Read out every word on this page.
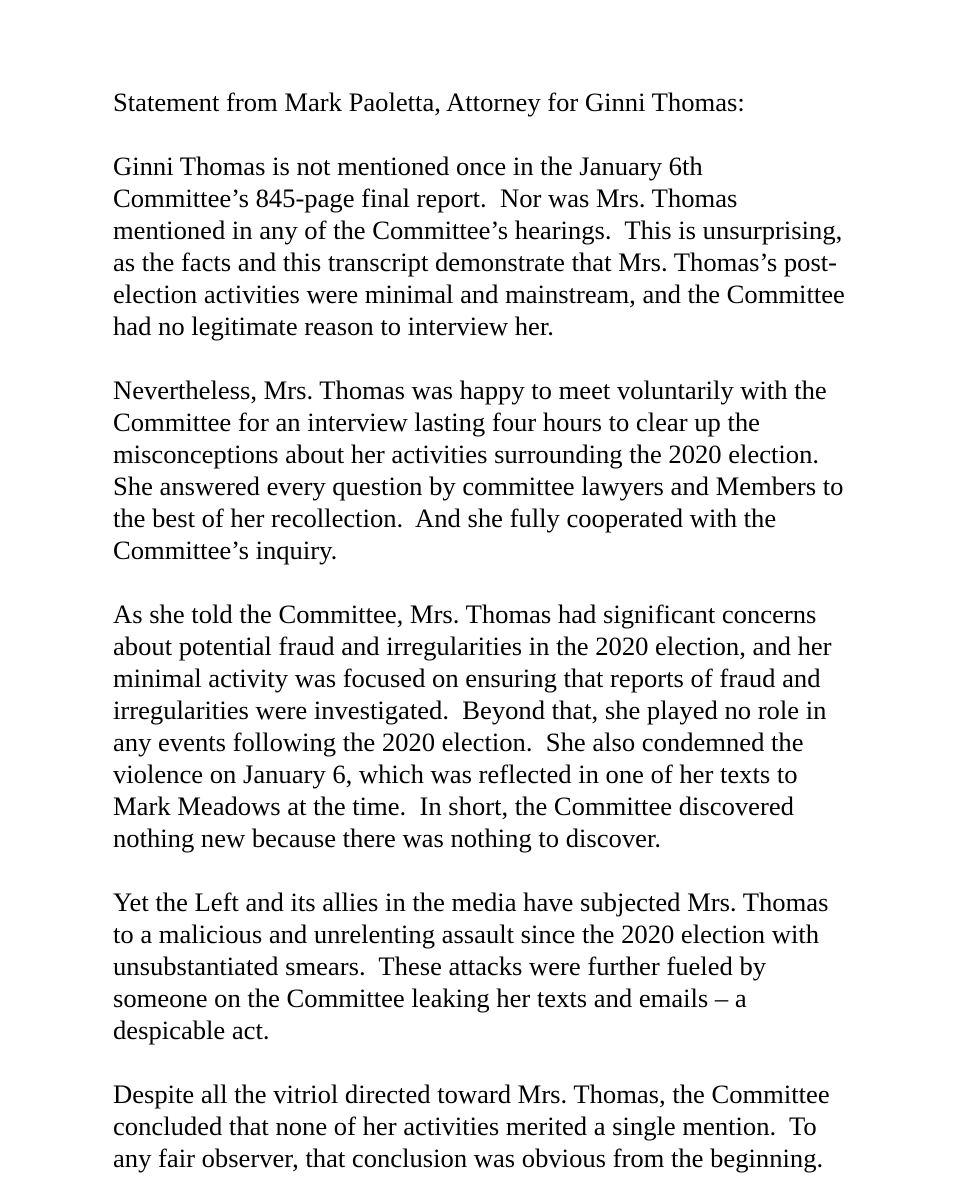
Statement from Mark Paoletta, Attorney for Ginni Thomas:

Ginni Thomas is not mentioned once in the January 6th

Committee’s 845-page final report.  Nor was Mrs. Thomas

mentioned in any of the Committee’s hearings.  This is unsurprising,

as the facts and this transcript demonstrate that Mrs. Thomas’s post-

election activities were minimal and mainstream, and the Committee

had no legitimate reason to interview her.

Nevertheless, Mrs. Thomas was happy to meet voluntarily with the

Committee for an interview lasting four hours to clear up the

misconceptions about her activities surrounding the 2020 election.

She answered every question by committee lawyers and Members to

the best of her recollection.  And she fully cooperated with the

Committee’s inquiry.

As she told the Committee, Mrs. Thomas had significant concerns

about potential fraud and irregularities in the 2020 election, and her

minimal activity was focused on ensuring that reports of fraud and

irregularities were investigated.  Beyond that, she played no role in

any events following the 2020 election.  She also condemned the

violence on January 6, which was reflected in one of her texts to

Mark Meadows at the time.  In short, the Committee discovered

nothing new because there was nothing to discover.

Yet the Left and its allies in the media have subjected Mrs. Thomas

to a malicious and unrelenting assault since the 2020 election with

unsubstantiated smears.  These attacks were further fueled by

someone on the Committee leaking her texts and emails – a

despicable act.

Despite all the vitriol directed toward Mrs. Thomas, the Committee

concluded that none of her activities merited a single mention.  To

any fair observer, that conclusion was obvious from the beginning.
